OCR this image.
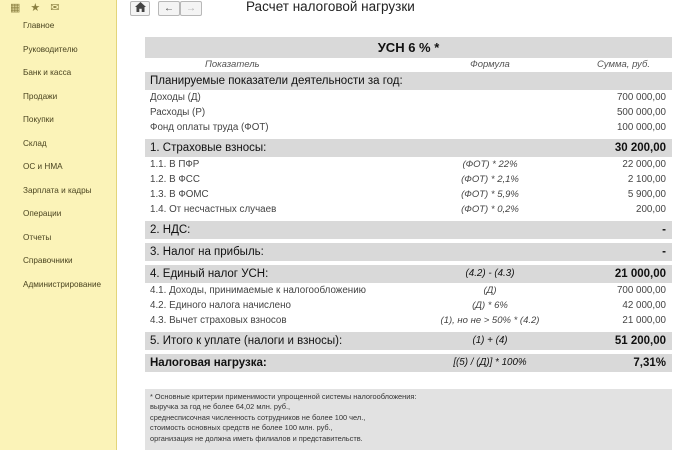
▦ ★ ✉
Главное
Руководителю
Банк и касса
Продажи
Покупки
Склад
ОС и НМА
Зарплата и кадры
Операции
Отчеты
Справочники
Администрирование
← →	Расчет налоговой нагрузки
УСН 6 % *
Показатель	Формула	Сумма, руб.
Планируемые показатели деятельности за год:
Доходы (Д)	700 000,00
Расходы (Р)	500 000,00
Фонд оплаты труда (ФОТ)	100 000,00
1. Страховые взносы:	30 200,00
1.1. В ПФР	(ФОТ) * 22%	22 000,00
1.2. В ФСС	(ФОТ) * 2,1%	2 100,00
1.3. В ФОМС	(ФОТ) * 5,9%	5 900,00
1.4. От несчастных случаев	(ФОТ) * 0,2%	200,00
2. НДС:	-
3. Налог на прибыль:	-
4. Единый налог УСН:	(4.2) - (4.3)	21 000,00
4.1. Доходы, принимаемые к налогообложению	(Д)	700 000,00
4.2. Единого налога начислено	(Д) * 6%	42 000,00
4.3. Вычет страховых взносов	(1), но не > 50% * (4.2)	21 000,00
5. Итого к уплате (налоги и взносы):	(1) + (4)	51 200,00
Налоговая нагрузка:	[(5) / (Д)] * 100%	7,31%
* Основные критерии применимости упрощенной системы налогообложения:
выручка за год не более 64,02 млн. руб.,
среднесписочная численность сотрудников не более 100 чел.,
стоимость основных средств не более 100 млн. руб.,
организация не должна иметь филиалов и представительств.
